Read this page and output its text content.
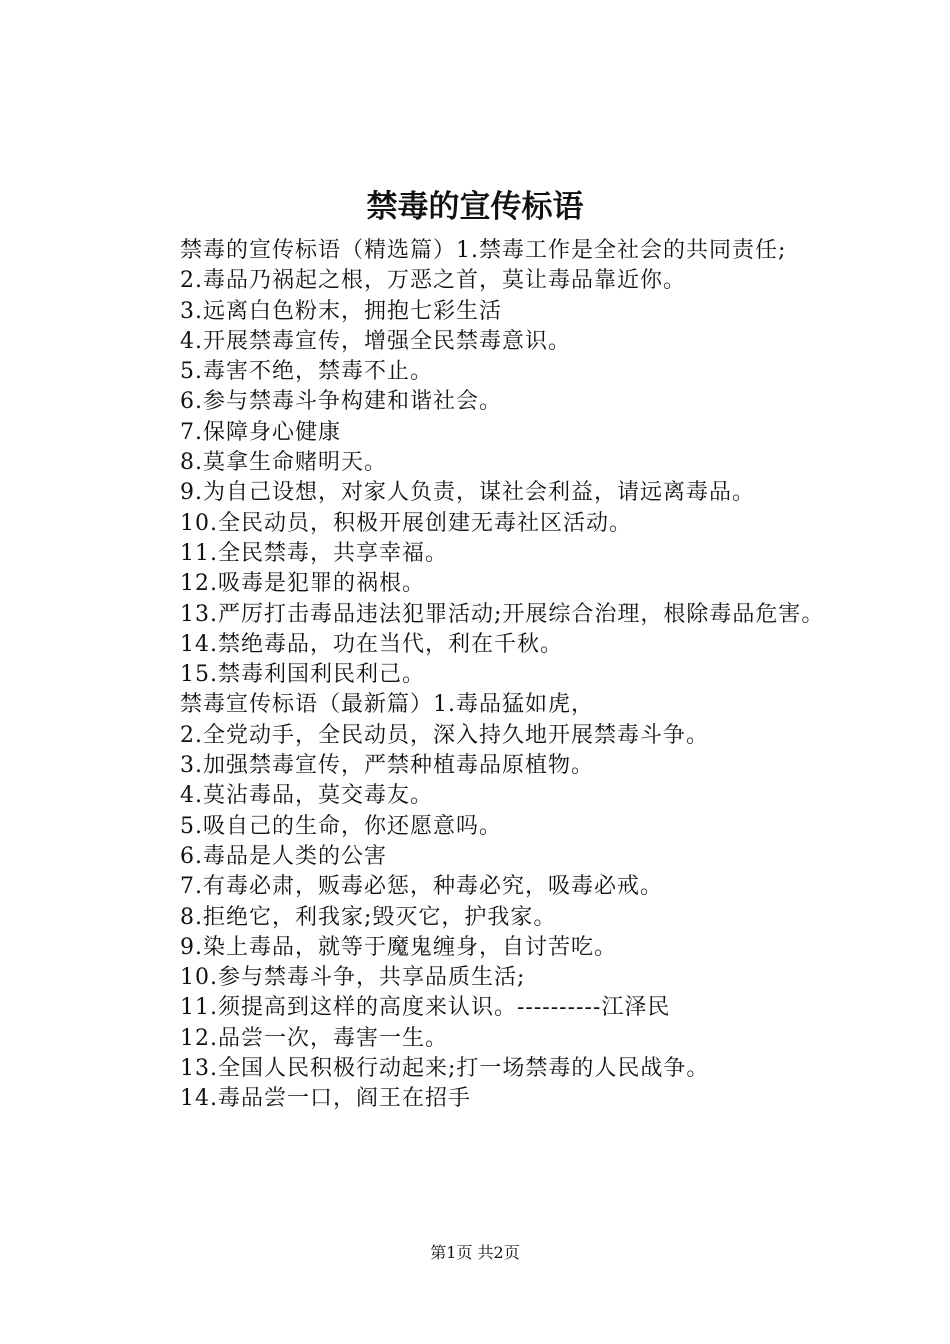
禁毒的宣传标语

禁毒的宣传标语（精选篇）1.禁毒工作是全社会的共同责任;

2.毒品乃祸起之根，万恶之首，莫让毒品靠近你。

3.远离白色粉末，拥抱七彩生活

4.开展禁毒宣传，增强全民禁毒意识。

5.毒害不绝，禁毒不止。

6.参与禁毒斗争构建和谐社会。

7.保障身心健康

8.莫拿生命赌明天。

9.为自己设想，对家人负责，谋社会利益，请远离毒品。

10.全民动员，积极开展创建无毒社区活动。

11.全民禁毒，共享幸福。

12.吸毒是犯罪的祸根。

13.严厉打击毒品违法犯罪活动;开展综合治理，根除毒品危害。

14.禁绝毒品，功在当代，利在千秋。

15.禁毒利国利民利己。

禁毒宣传标语（最新篇）1.毒品猛如虎，

2.全党动手，全民动员，深入持久地开展禁毒斗争。

3.加强禁毒宣传，严禁种植毒品原植物。

4.莫沾毒品，莫交毒友。

5.吸自己的生命，你还愿意吗。

6.毒品是人类的公害

7.有毒必肃，贩毒必惩，种毒必究，吸毒必戒。

8.拒绝它，利我家;毁灭它，护我家。

9.染上毒品，就等于魔鬼缠身，自讨苦吃。

10.参与禁毒斗争，共享品质生活;

11.须提高到这样的高度来认识。----------江泽民

12.品尝一次，毒害一生。

13.全国人民积极行动起来;打一场禁毒的人民战争。

14.毒品尝一口，阎王在招手

第1页 共2页
